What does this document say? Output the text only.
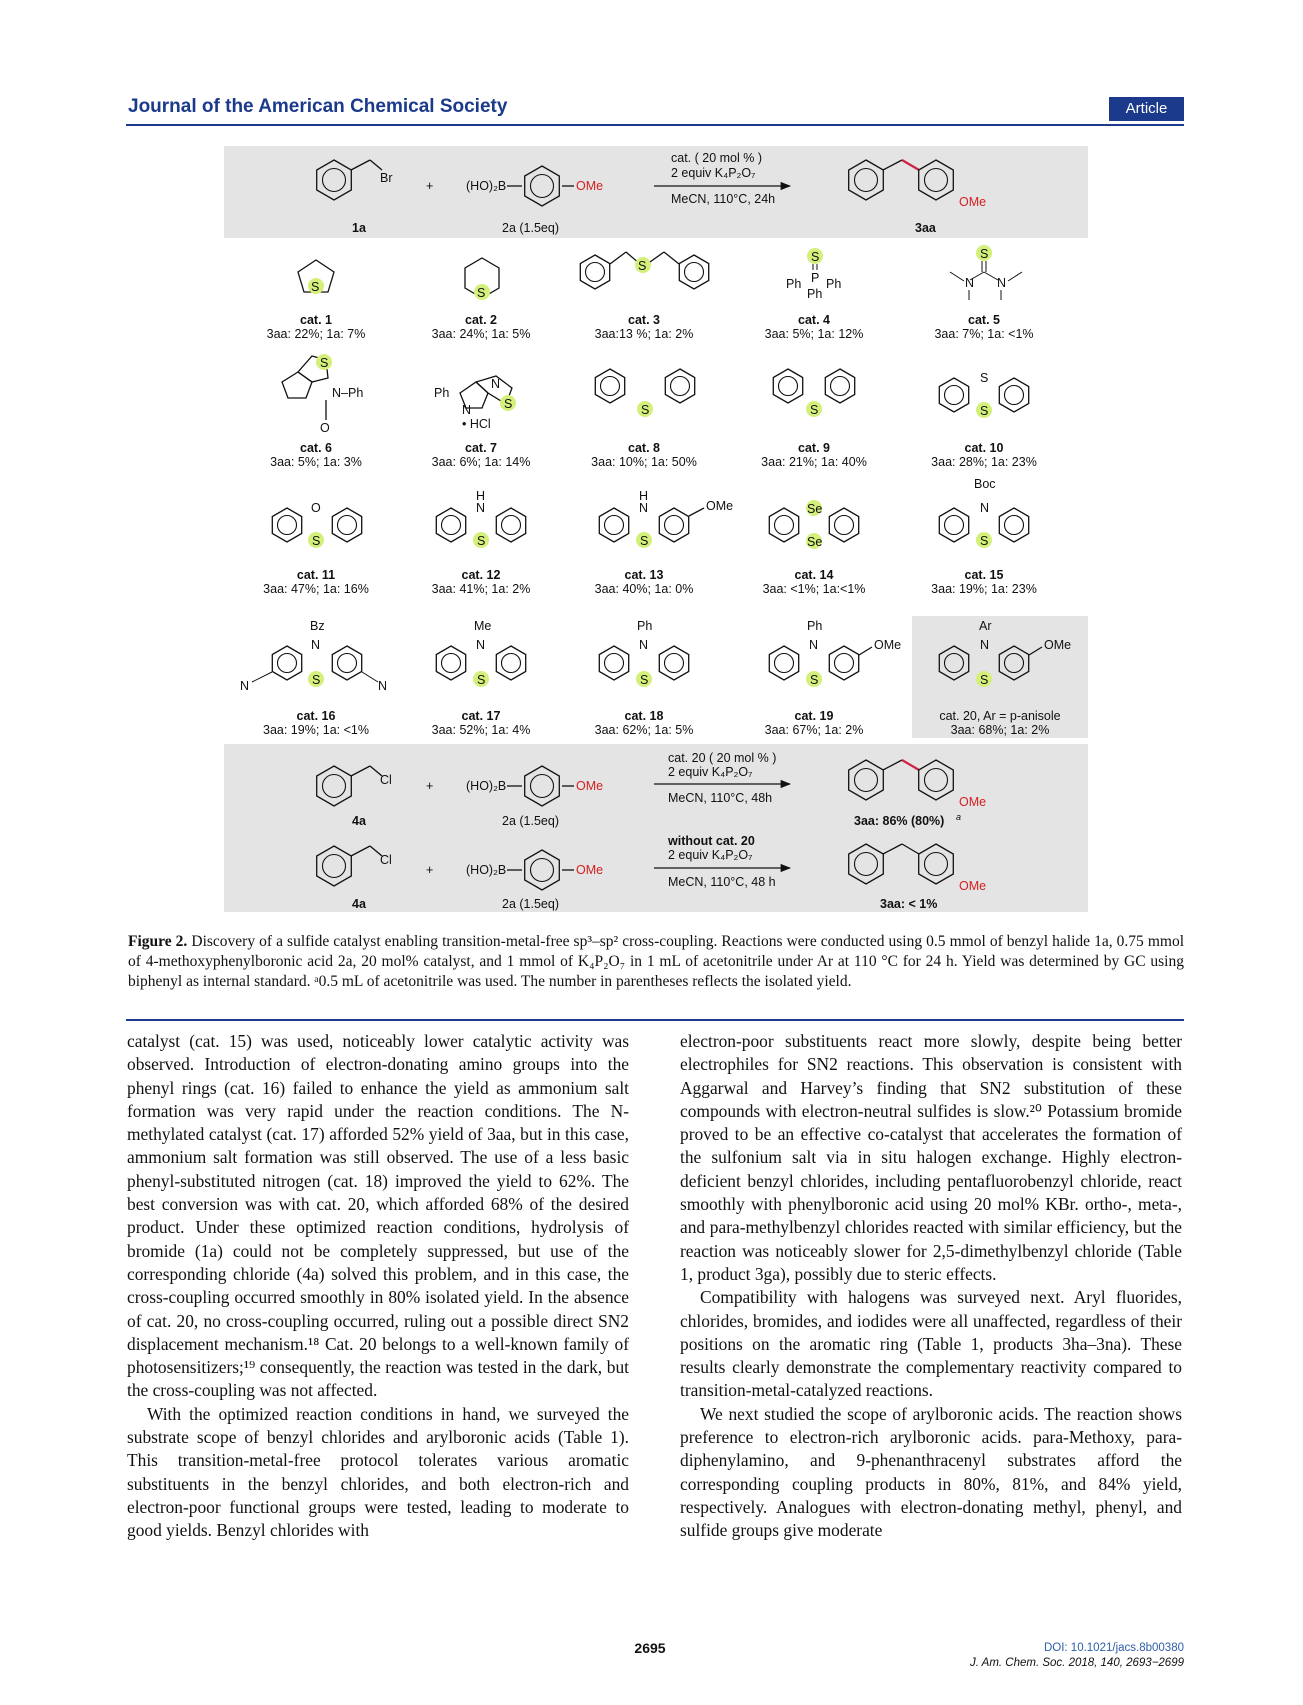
Journal of the American Chemical Society	Article
Br
+	(HO)₂B	OMe
cat. ( 20 mol % )
2 equiv K₄P₂O₇
MeCN, 110°C, 24h	OMe
1a	2a (1.5eq)	3aa
S	S
S
S
P
Ph Ph
Ph
S
N N
S
N–Ph
O
Ph
S
N
N
• HCl
S	S
S
S
O
S
H
N
S
H
N
S
OMe	Se
Se
Boc
N
S
Bz
N
S
N	N
Me
N
S
Ph
N
S
Ph
N
S
OMe
Ar
N
S
OMe
cat. 1
3aa: 22%; 1a: 7%
cat. 2
3aa: 24%; 1a: 5%
cat. 3
3aa:13 %; 1a: 2%
cat. 4
3aa: 5%; 1a: 12%
cat. 5
3aa: 7%; 1a: <1%
cat. 6
3aa: 5%; 1a: 3%
cat. 7
3aa: 6%; 1a: 14%
cat. 8
3aa: 10%; 1a: 50%
cat. 9
3aa: 21%; 1a: 40%
cat. 10
3aa: 28%; 1a: 23%
cat. 11
3aa: 47%; 1a: 16%
cat. 12
3aa: 41%; 1a: 2%
cat. 13
3aa: 40%; 1a: 0%
cat. 14
3aa: <1%; 1a:<1%
cat. 15
3aa: 19%; 1a: 23%
cat. 16
3aa: 19%; 1a: <1%
cat. 17
3aa: 52%; 1a: 4%
cat. 18
3aa: 62%; 1a: 5%
cat. 19
3aa: 67%; 1a: 2%
cat. 20, Ar = p-anisole
3aa: 68%; 1a: 2%
Cl	+	(HO)₂B	OMe
cat. 20 ( 20 mol % )
2 equiv K₄P₂O₇
MeCN, 110°C, 48h	OMe
4a	2a (1.5eq)	3aa: 86% (80%) a
Cl
+	(HO)₂B	OMe
without cat. 20
2 equiv K₄P₂O₇
MeCN, 110°C, 48 h	OMe
4a	2a (1.5eq)	3aa: < 1%
Figure 2. Discovery of a sulfide catalyst enabling transition-metal-free sp³–sp² cross-coupling. Reactions were conducted using 0.5 mmol of benzyl halide 1a, 0.75 mmol of 4-methoxyphenylboronic acid 2a, 20 mol% catalyst, and 1 mmol of K₄P₂O₇ in 1 mL of acetonitrile under Ar at 110 °C for 24 h. Yield was determined by GC using biphenyl as internal standard. ᵃ0.5 mL of acetonitrile was used. The number in parentheses reflects the isolated yield.

catalyst (cat. 15) was used, noticeably lower catalytic activity was observed. Introduction of electron-donating amino groups into the phenyl rings (cat. 16) failed to enhance the yield as ammonium salt formation was very rapid under the reaction conditions. The N-methylated catalyst (cat. 17) afforded 52% yield of 3aa, but in this case, ammonium salt formation was still observed. The use of a less basic phenyl-substituted nitrogen (cat. 18) improved the yield to 62%. The best conversion was with cat. 20, which afforded 68% of the desired product. Under these optimized reaction conditions, hydrolysis of bromide (1a) could not be completely suppressed, but use of the corresponding chloride (4a) solved this problem, and in this case, the cross-coupling occurred smoothly in 80% isolated yield. In the absence of cat. 20, no cross-coupling occurred, ruling out a possible direct SN2 displacement mechanism.¹⁸ Cat. 20 belongs to a well-known family of photosensitizers;¹⁹ consequently, the reaction was tested in the dark, but the cross-coupling was not affected.

With the optimized reaction conditions in hand, we surveyed the substrate scope of benzyl chlorides and arylboronic acids (Table 1). This transition-metal-free protocol tolerates various aromatic substituents in the benzyl chlorides, and both electron-rich and electron-poor functional groups were tested, leading to moderate to good yields. Benzyl chlorides with

electron-poor substituents react more slowly, despite being better electrophiles for SN2 reactions. This observation is consistent with Aggarwal and Harvey’s finding that SN2 substitution of these compounds with electron-neutral sulfides is slow.²⁰ Potassium bromide proved to be an effective co-catalyst that accelerates the formation of the sulfonium salt via in situ halogen exchange. Highly electron-deficient benzyl chlorides, including pentafluorobenzyl chloride, react smoothly with phenylboronic acid using 20 mol% KBr. ortho-, meta-, and para-methylbenzyl chlorides reacted with similar efficiency, but the reaction was noticeably slower for 2,5-dimethylbenzyl chloride (Table 1, product 3ga), possibly due to steric effects.

Compatibility with halogens was surveyed next. Aryl fluorides, chlorides, bromides, and iodides were all unaffected, regardless of their positions on the aromatic ring (Table 1, products 3ha–3na). These results clearly demonstrate the complementary reactivity compared to transition-metal-catalyzed reactions.

We next studied the scope of arylboronic acids. The reaction shows preference to electron-rich arylboronic acids. para-Methoxy, para-diphenylamino, and 9-phenanthracenyl substrates afford the corresponding coupling products in 80%, 81%, and 84% yield, respectively. Analogues with electron-donating methyl, phenyl, and sulfide groups give moderate

2695	DOI: 10.1021/jacs.8b00380
J. Am. Chem. Soc. 2018, 140, 2693−2699
